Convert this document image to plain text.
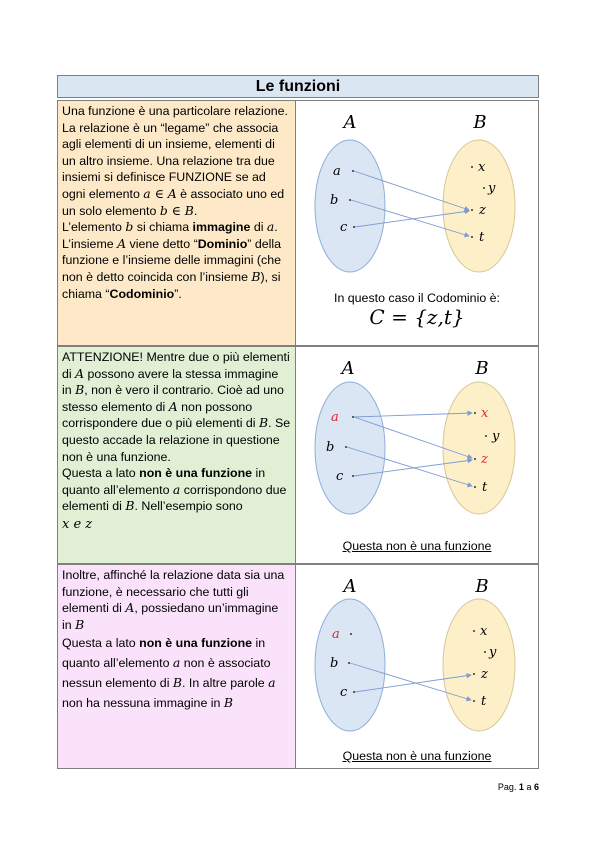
Le funzioni

Una funzione è una particolare relazione. La relazione è un “legame” che associa agli elementi di un insieme, elementi di un altro insieme. Una relazione tra due insiemi si definisce FUNZIONE se ad ogni elemento a ∈ A è associato uno ed un solo elemento b ∈ B.

L’elemento b si chiama immagine di a.

L’insieme A viene detto “Dominio” della funzione e l’insieme delle immagini (che non è detto coincida con l’insieme B), si chiama “Codominio”.

A	B
a
b
c
x
y
z
t
In questo caso il Codominio è:
C = {z,t}

ATTENZIONE! Mentre due o più elementi di A possono avere la stessa immagine in B, non è vero il contrario. Cioè ad uno stesso elemento di A non possono corrispondere due o più elementi di B. Se questo accade la relazione in questione non è una funzione.

Questa a lato non è una funzione in quanto all’elemento a corrispondono due elementi di B. Nell’esempio sono

x e z

A	B
a
b
c
x
y
z
t
Questa non è una funzione

Inoltre, affinché la relazione data sia una funzione, è necessario che tutti gli elementi di A, possiedano un’immagine in B

Questa a lato non è una funzione in quanto all’elemento a non è associato nessun elemento di B. In altre parole a non ha nessuna immagine in B

A	B
a
b
c
x
y
z
t
Questa non è una funzione
Pag. 1 a 6
